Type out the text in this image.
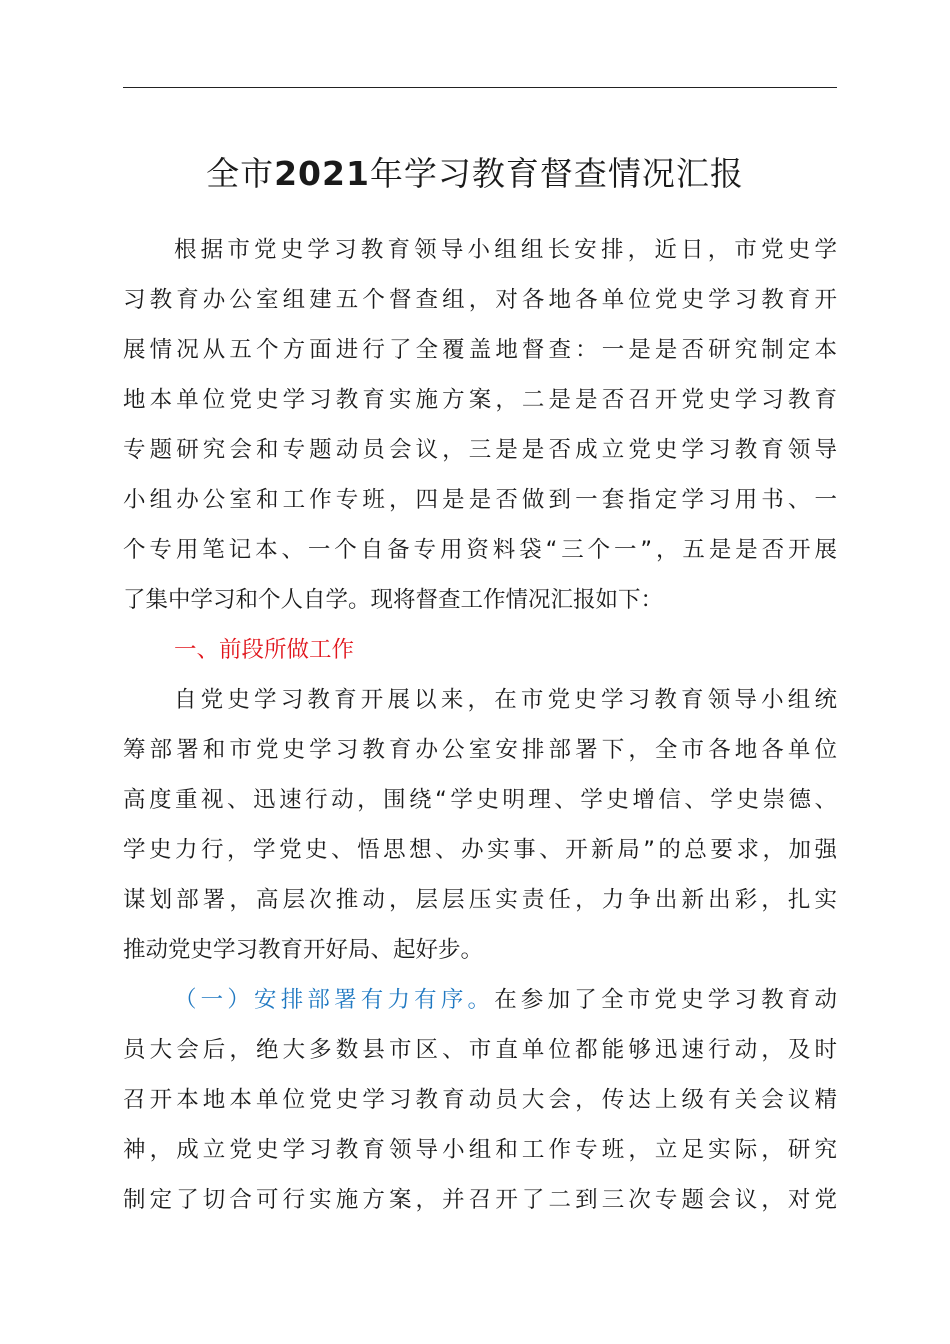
全市2021年学习教育督查情况汇报
根据市党史学习教育领导小组组长安排，近日，市党史学
习教育办公室组建五个督查组，对各地各单位党史学习教育开
展情况从五个方面进行了全覆盖地督查：一是是否研究制定本
地本单位党史学习教育实施方案，二是是否召开党史学习教育
专题研究会和专题动员会议，三是是否成立党史学习教育领导
小组办公室和工作专班，四是是否做到一套指定学习用书、一
个专用笔记本、一个自备专用资料袋“三个一”，五是是否开展
了集中学习和个人自学。现将督查工作情况汇报如下：
一、前段所做工作
自党史学习教育开展以来，在市党史学习教育领导小组统
筹部署和市党史学习教育办公室安排部署下，全市各地各单位
高度重视、迅速行动，围绕“学史明理、学史增信、学史崇德、
学史力行，学党史、悟思想、办实事、开新局”的总要求，加强
谋划部署，高层次推动，层层压实责任，力争出新出彩，扎实
推动党史学习教育开好局、起好步。
（一）安排部署有力有序。在参加了全市党史学习教育动
员大会后，绝大多数县市区、市直单位都能够迅速行动，及时
召开本地本单位党史学习教育动员大会，传达上级有关会议精
神，成立党史学习教育领导小组和工作专班，立足实际，研究
制定了切合可行实施方案，并召开了二到三次专题会议，对党
